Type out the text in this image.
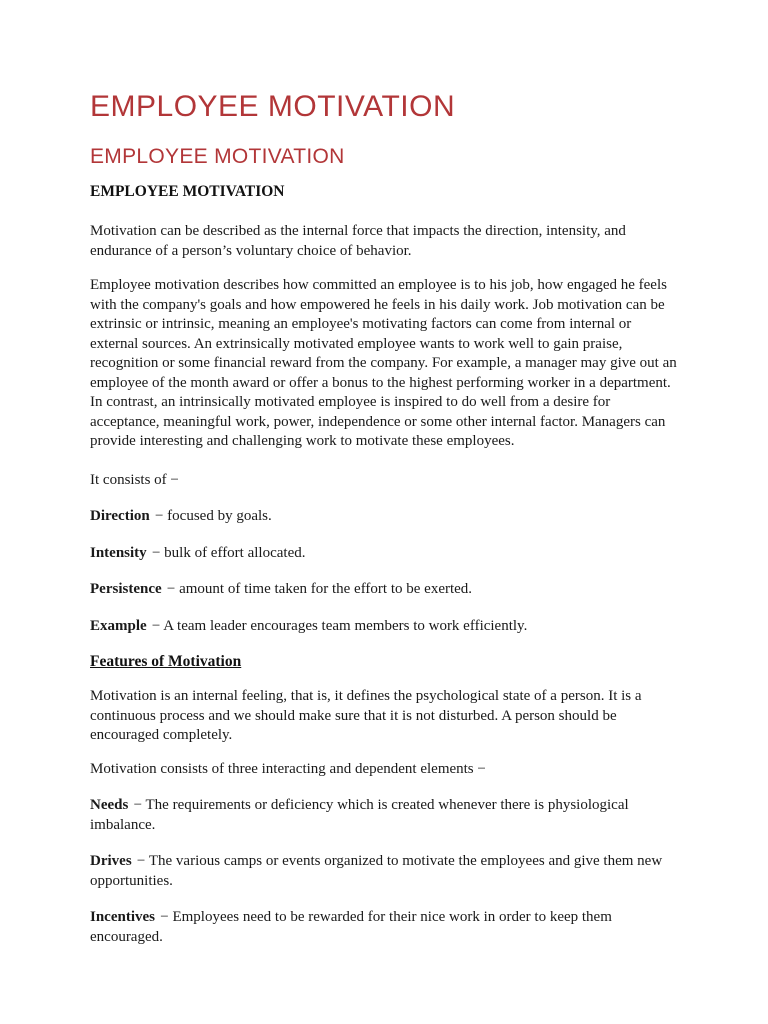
EMPLOYEE MOTIVATION
EMPLOYEE MOTIVATION
EMPLOYEE MOTIVATION

Motivation can be described as the internal force that impacts the direction, intensity, and endurance of a person’s voluntary choice of behavior.

Employee motivation describes how committed an employee is to his job, how engaged he feels with the company's goals and how empowered he feels in his daily work. Job motivation can be extrinsic or intrinsic, meaning an employee's motivating factors can come from internal or external sources. An extrinsically motivated employee wants to work well to gain praise, recognition or some financial reward from the company. For example, a manager may give out an employee of the month award or offer a bonus to the highest performing worker in a department. In contrast, an intrinsically motivated employee is inspired to do well from a desire for acceptance, meaningful work, power, independence or some other internal factor. Managers can provide interesting and challenging work to motivate these employees.

It consists of −

Direction − focused by goals.

Intensity − bulk of effort allocated.

Persistence − amount of time taken for the effort to be exerted.

Example − A team leader encourages team members to work efficiently.

Features of Motivation

Motivation is an internal feeling, that is, it defines the psychological state of a person. It is a continuous process and we should make sure that it is not disturbed. A person should be encouraged completely.

Motivation consists of three interacting and dependent elements −

Needs − The requirements or deficiency which is created whenever there is physiological imbalance.

Drives − The various camps or events organized to motivate the employees and give them new opportunities.

Incentives − Employees need to be rewarded for their nice work in order to keep them encouraged.
